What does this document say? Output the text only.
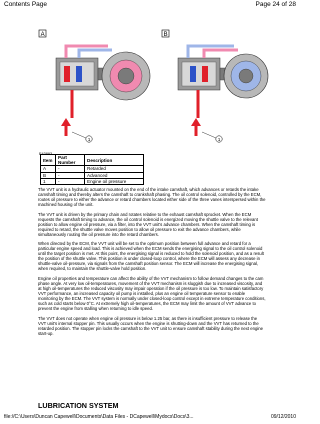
Contents Page	Page 24 of 28
A
1
E43893
B
1
Item	Part Number	Description
A	-	Retarded
B	-	Advanced
1	-	Engine oil pressure

The VVT unit is a hydraulic actuator mounted on the end of the intake camshaft, which advances or retards the intake camshaft timing and thereby alters the camshaft to crankshaft phasing. The oil control solenoid, controlled by the ECM, routes oil pressure to either the advance or retard chambers located either side of the three vanes interspersed within the machined housing of the unit.

The VVT unit is driven by the primary chain and rotates relative to the exhaust camshaft sprocket. When the ECM requests the camshaft timing to advance, the oil control solenoid is energized moving the shuttle valve to the relevant position to allow engine oil pressure, via a filter, into the VVT unit's advance chambers. When the camshaft timing is required to retard, the shuttle valve moves position to allow oil pressure to exit the advance chambers, while simultaneously routing the oil pressure into the retard chambers.

When directed by the ECM, the VVT unit will be set to the optimum position between full advance and retard for a particular engine speed and load. This is achieved when the ECM sends the energising signal to the oil control solenoid until the target position is met. At this point, the energising signal is reduced to hold the solenoid position, and as a result the position of the shuttle valve. This position is under closed-loop control, where the ECM will assess any decrease in shuttle-valve oil-pressure, via signals from the camshaft position sensor. The ECM will increase the energising signal, when required, to maintain the shuttle-valve hold position.

Engine oil properties and temperature can affect the ability of the VVT mechanism to follow demand changes to the cam phase angle. At very low oil-temperatures, movement of the VVT mechanism is sluggish due to increased viscosity, and at high oil-temperatures the reduced viscosity may impair operation if the oil pressure is too low. To maintain satisfactory VVT performance, an increased capacity oil pump is installed, plus an engine oil temperature sensor to enable monitoring by the ECM. The VVT system is normally under closed-loop control except in extreme temperature conditions, such as cold starts below 0°C. At extremely high oil-temperatures, the ECM may limit the amount of VVT advance to prevent the engine from stalling when returning to idle speed.

The VVT does not operate when engine oil pressure is below 1.25 bar, as there is insufficient pressure to release the VVT unit's internal stopper pin. This usually occurs when the engine is shutting-down and the VVT has returned to the retarded position. The stopper pin locks the camshaft to the VVT unit to ensure camshaft stability during the next engine start-up.

LUBRICATION SYSTEM
file://C:\Users\Duncan Capewell\Documents\Data Files - DCapewell\Mydocs\Docs\3...	09/12/2010
